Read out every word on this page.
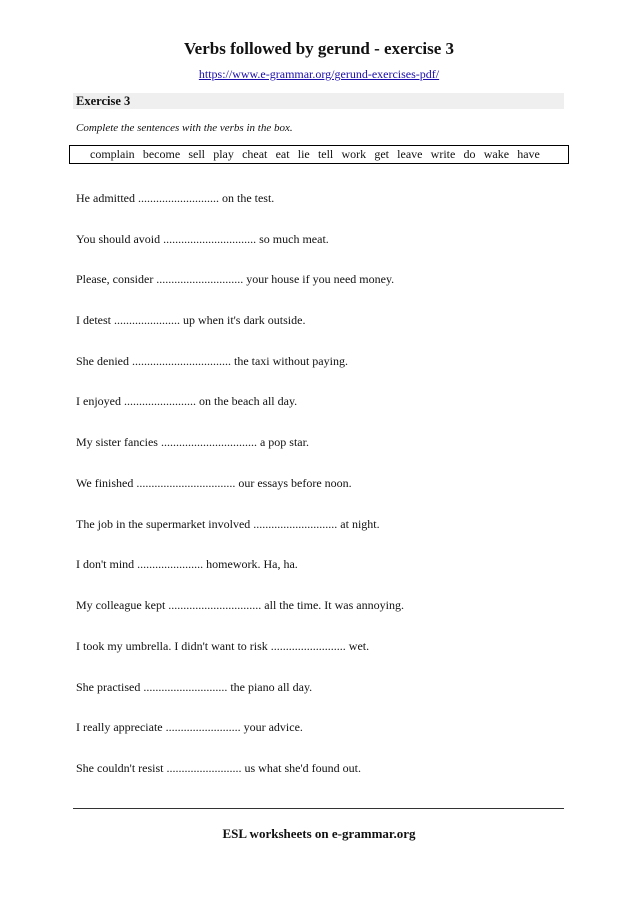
Verbs followed by gerund - exercise 3
https://www.e-grammar.org/gerund-exercises-pdf/
Exercise 3
Complete the sentences with the verbs in the box.
complain become sell play cheat eat lie tell work get leave write do wake have
He admitted ........................... on the test.
You should avoid ............................... so much meat.
Please, consider ............................. your house if you need money.
I detest ...................... up when it's dark outside.
She denied ................................. the taxi without paying.
I enjoyed ........................ on the beach all day.
My sister fancies ................................ a pop star.
We finished ................................. our essays before noon.
The job in the supermarket involved ............................ at night.
I don't mind ...................... homework. Ha, ha.
My colleague kept ............................... all the time. It was annoying.
I took my umbrella. I didn't want to risk ......................... wet.
She practised ............................ the piano all day.
I really appreciate ......................... your advice.
She couldn't resist ......................... us what she'd found out.
ESL worksheets on e-grammar.org
